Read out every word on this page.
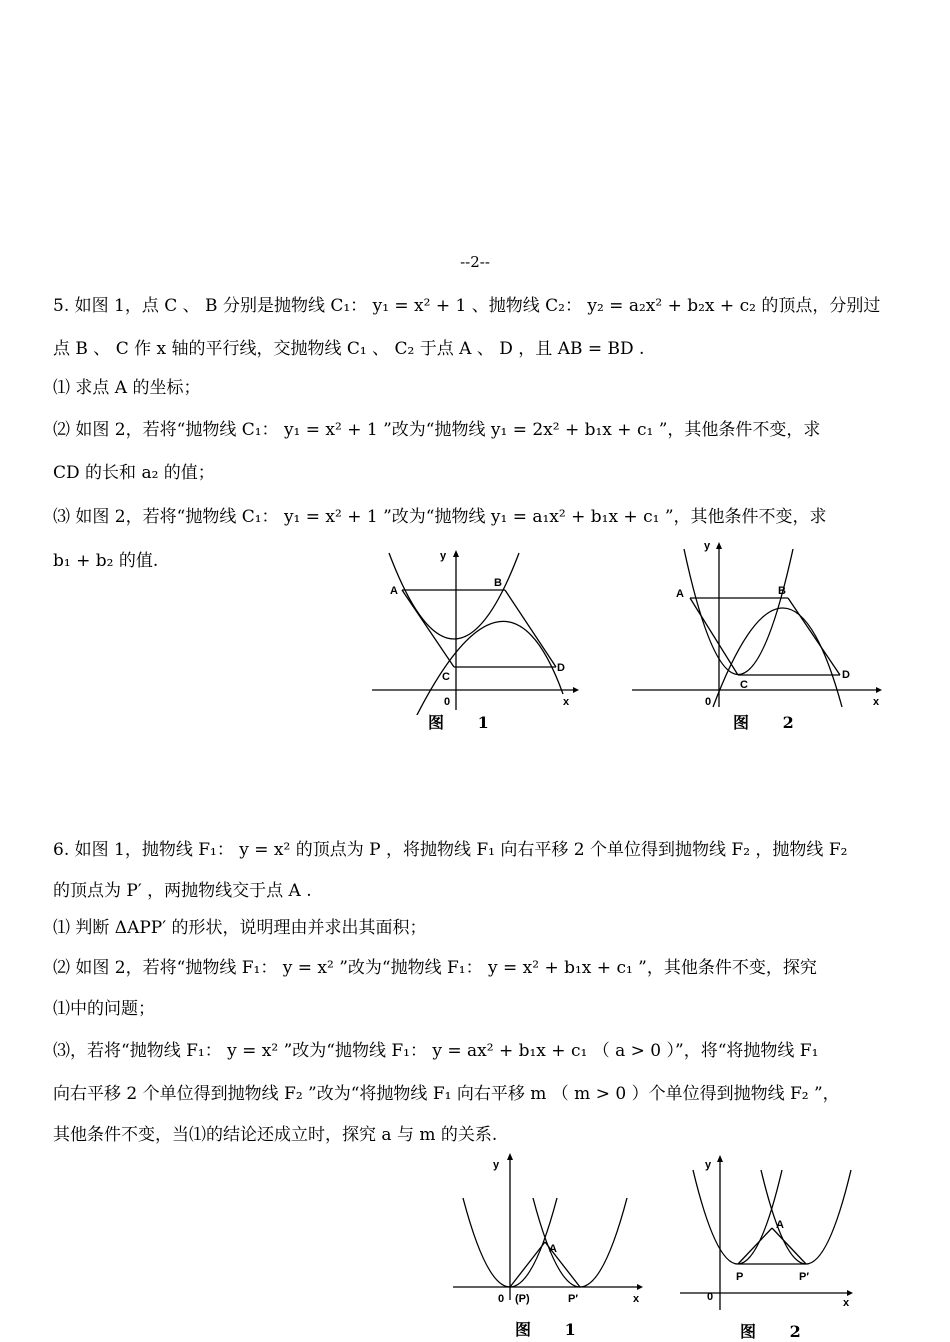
--2--
5. 如图 1，点 C 、 B 分别是抛物线 C₁： y₁ = x² + 1 、抛物线 C₂： y₂ = a₂x² + b₂x + c₂ 的顶点，分别过
点 B 、 C 作 x 轴的平行线，交抛物线 C₁ 、 C₂ 于点 A 、 D ，且 AB = BD .
⑴ 求点 A 的坐标；
⑵ 如图 2，若将“抛物线 C₁： y₁ = x² + 1 ”改为“抛物线 y₁ = 2x² + b₁x + c₁ ”，其他条件不变，求
CD 的长和 a₂ 的值；
⑶ 如图 2，若将“抛物线 C₁： y₁ = x² + 1 ”改为“抛物线 y₁ = a₁x² + b₁x + c₁ ”，其他条件不变，求
b₁ + b₂ 的值.
A
B
C
D
0	x
y
图 1
A	B
C
D
0	x
y
图 2
6. 如图 1，抛物线 F₁： y = x² 的顶点为 P ，将抛物线 F₁ 向右平移 2 个单位得到抛物线 F₂ ，抛物线 F₂
的顶点为 P′ ，两抛物线交于点 A .
⑴ 判断 ΔAPP′ 的形状，说明理由并求出其面积；
⑵ 如图 2，若将“抛物线 F₁： y = x² ”改为“抛物线 F₁： y = x² + b₁x + c₁ ”，其他条件不变，探究
⑴中的问题；
⑶，若将“抛物线 F₁： y = x² ”改为“抛物线 F₁： y = ax² + b₁x + c₁ （ a > 0 ）”，将“将抛物线 F₁
向右平移 2 个单位得到抛物线 F₂ ”改为“将抛物线 F₁ 向右平移 m （ m > 0 ）个单位得到抛物线 F₂ ”，
其他条件不变，当⑴的结论还成立时，探究 a 与 m 的关系.
A
(P)	P′
0	x
y
图 1
A
P	P′
0	x
y
图 2
